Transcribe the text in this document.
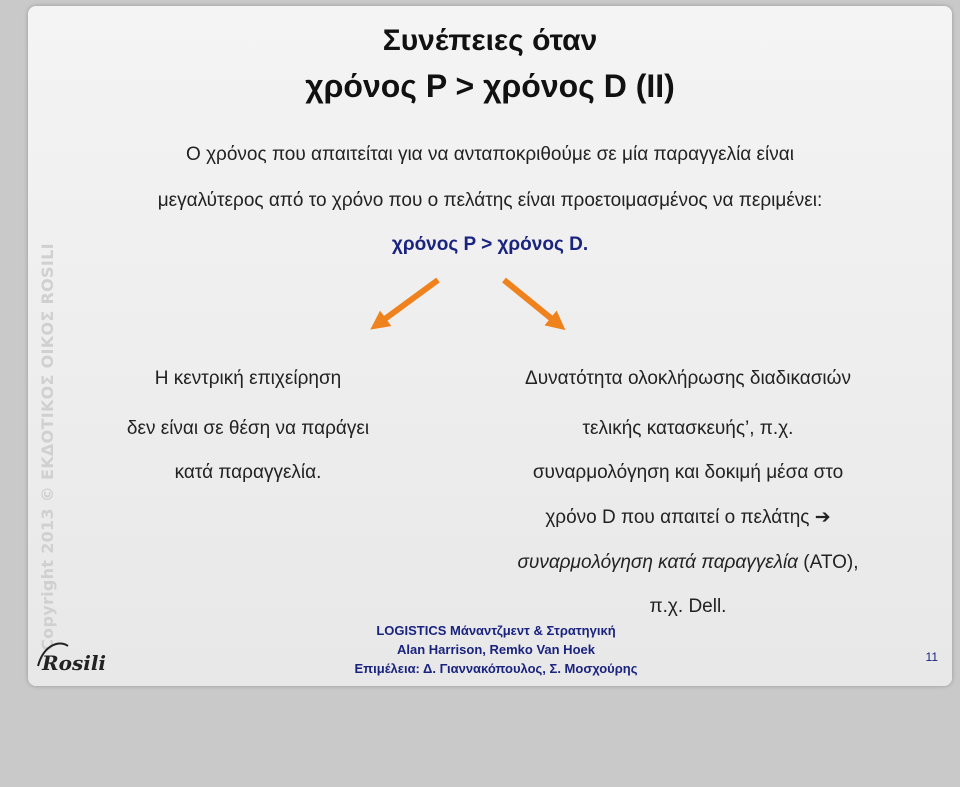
Copyright 2013 © ΕΚΔΟΤΙΚΟΣ ΟΙΚΟΣ ROSILI
Συνέπειες όταν
χρόνος P > χρόνος D (II)
Ο χρόνος που απαιτείται για να ανταποκριθούμε σε μία παραγγελία είναι
μεγαλύτερος από το χρόνο που ο πελάτης είναι προετοιμασμένος να περιμένει:
χρόνος P > χρόνος D.
Η κεντρική επιχείρηση
δεν είναι σε θέση να παράγει
κατά παραγγελία.
Δυνατότητα ολοκλήρωσης διαδικασιών
τελικής κατασκευής’, π.χ.
συναρμολόγηση και δοκιμή μέσα στο
χρόνο D που απαιτεί ο πελάτης ➔
συναρμολόγηση κατά παραγγελία (ATO),
π.χ. Dell.
LOGISTICS Μάναντζμεντ & Στρατηγική
Alan Harrison, Remko Van Hoek
Επιμέλεια: Δ. Γιαννακόπουλος, Σ. Μοσχούρης
11
Rosili
